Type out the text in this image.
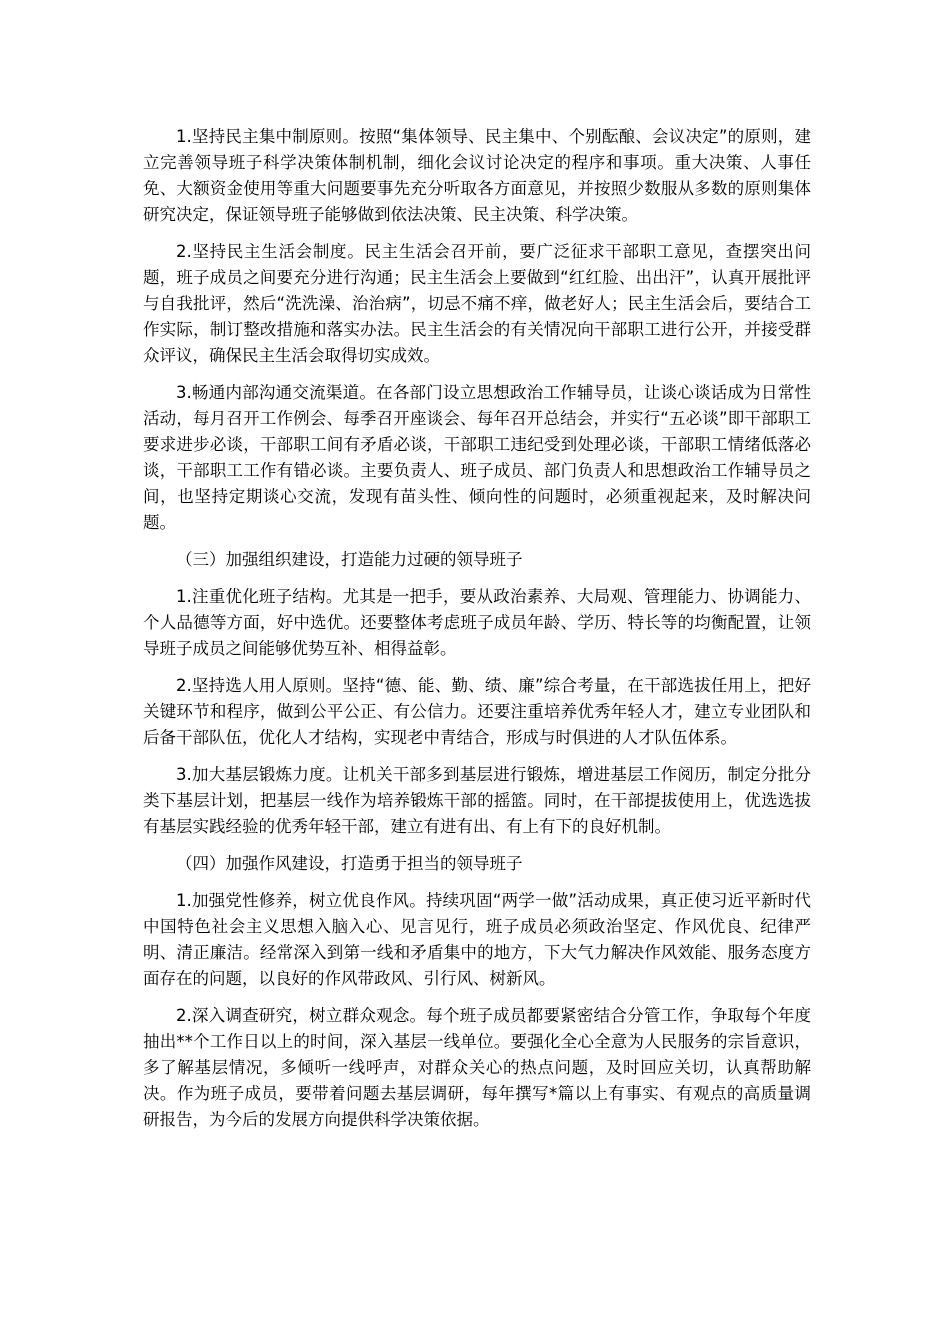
1.坚持民主集中制原则。按照“集体领导、民主集中、个别酝酿、会议决定”的原则，建立完善领导班子科学决策体制机制，细化会议讨论决定的程序和事项。重大决策、人事任免、大额资金使用等重大问题要事先充分听取各方面意见，并按照少数服从多数的原则集体研究决定，保证领导班子能够做到依法决策、民主决策、科学决策。

2.坚持民主生活会制度。民主生活会召开前，要广泛征求干部职工意见，查摆突出问题，班子成员之间要充分进行沟通；民主生活会上要做到“红红脸、出出汗”，认真开展批评与自我批评，然后“洗洗澡、治治病”，切忌不痛不痒，做老好人；民主生活会后，要结合工作实际，制订整改措施和落实办法。民主生活会的有关情况向干部职工进行公开，并接受群众评议，确保民主生活会取得切实成效。

3.畅通内部沟通交流渠道。在各部门设立思想政治工作辅导员，让谈心谈话成为日常性活动，每月召开工作例会、每季召开座谈会、每年召开总结会，并实行“五必谈”即干部职工要求进步必谈，干部职工间有矛盾必谈，干部职工违纪受到处理必谈，干部职工情绪低落必谈，干部职工工作有错必谈。主要负责人、班子成员、部门负责人和思想政治工作辅导员之间，也坚持定期谈心交流，发现有苗头性、倾向性的问题时，必须重视起来，及时解决问题。

（三）加强组织建设，打造能力过硬的领导班子

1.注重优化班子结构。尤其是一把手，要从政治素养、大局观、管理能力、协调能力、个人品德等方面，好中选优。还要整体考虑班子成员年龄、学历、特长等的均衡配置，让领导班子成员之间能够优势互补、相得益彰。

2.坚持选人用人原则。坚持“德、能、勤、绩、廉”综合考量，在干部选拔任用上，把好关键环节和程序，做到公平公正、有公信力。还要注重培养优秀年轻人才，建立专业团队和后备干部队伍，优化人才结构，实现老中青结合，形成与时俱进的人才队伍体系。

3.加大基层锻炼力度。让机关干部多到基层进行锻炼，增进基层工作阅历，制定分批分类下基层计划，把基层一线作为培养锻炼干部的摇篮。同时，在干部提拔使用上，优选选拔有基层实践经验的优秀年轻干部，建立有进有出、有上有下的良好机制。

（四）加强作风建设，打造勇于担当的领导班子

1.加强党性修养，树立优良作风。持续巩固“两学一做”活动成果，真正使习近平新时代中国特色社会主义思想入脑入心、见言见行，班子成员必须政治坚定、作风优良、纪律严明、清正廉洁。经常深入到第一线和矛盾集中的地方，下大气力解决作风效能、服务态度方面存在的问题，以良好的作风带政风、引行风、树新风。

2.深入调查研究，树立群众观念。每个班子成员都要紧密结合分管工作，争取每个年度抽出**个工作日以上的时间，深入基层一线单位。要强化全心全意为人民服务的宗旨意识，多了解基层情况，多倾听一线呼声，对群众关心的热点问题，及时回应关切，认真帮助解决。作为班子成员，要带着问题去基层调研，每年撰写*篇以上有事实、有观点的高质量调研报告，为今后的发展方向提供科学决策依据。
